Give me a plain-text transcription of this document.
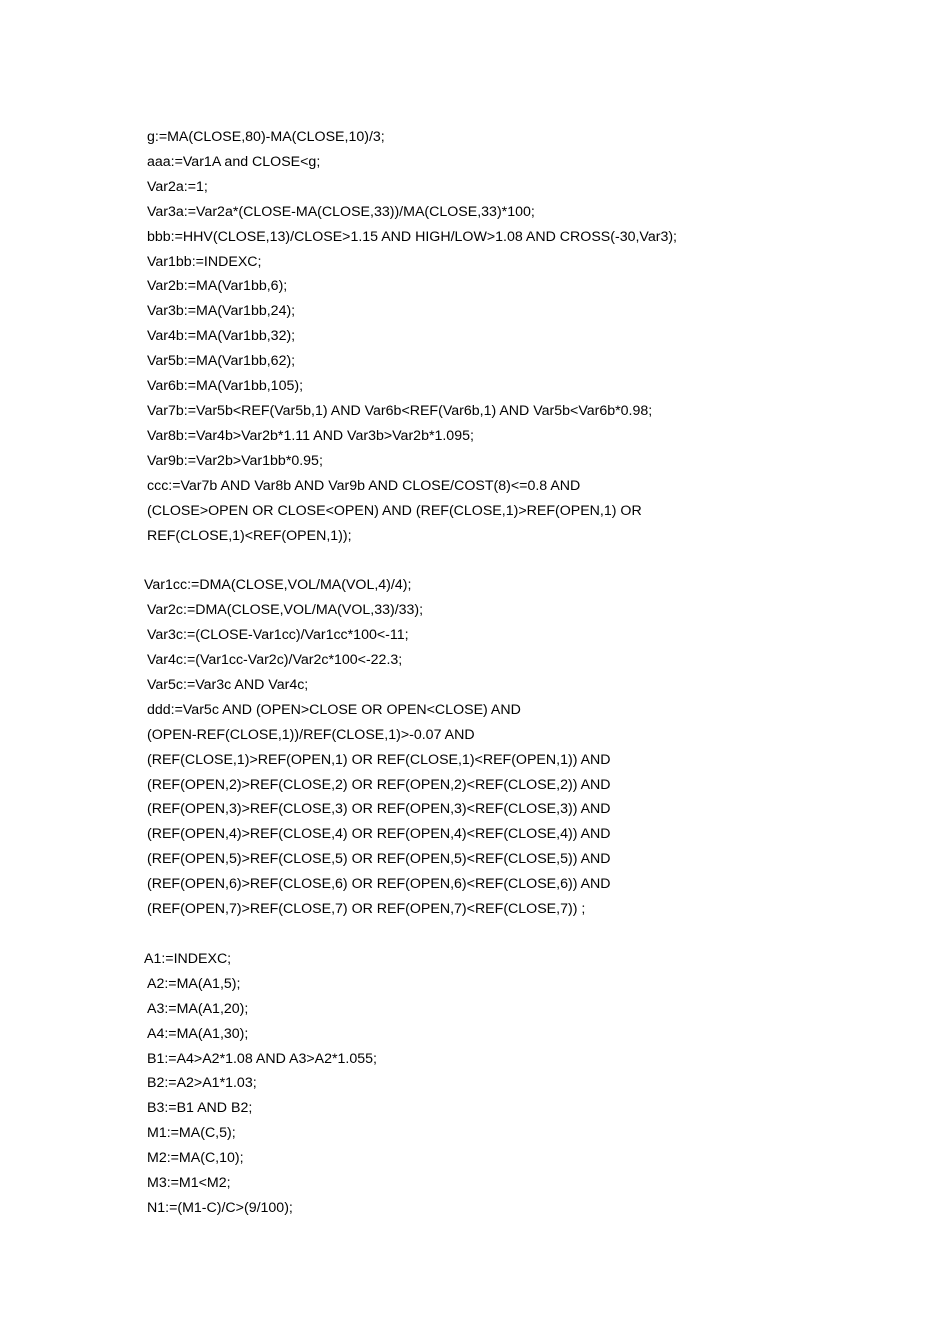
g:=MA(CLOSE,80)-MA(CLOSE,10)/3;
aaa:=Var1A and CLOSE<g;
Var2a:=1;
Var3a:=Var2a*(CLOSE-MA(CLOSE,33))/MA(CLOSE,33)*100;
bbb:=HHV(CLOSE,13)/CLOSE>1.15 AND HIGH/LOW>1.08 AND CROSS(-30,Var3);
Var1bb:=INDEXC;
Var2b:=MA(Var1bb,6);
Var3b:=MA(Var1bb,24);
Var4b:=MA(Var1bb,32);
Var5b:=MA(Var1bb,62);
Var6b:=MA(Var1bb,105);
Var7b:=Var5b<REF(Var5b,1) AND Var6b<REF(Var6b,1) AND Var5b<Var6b*0.98;
Var8b:=Var4b>Var2b*1.11 AND Var3b>Var2b*1.095;
Var9b:=Var2b>Var1bb*0.95;
ccc:=Var7b AND Var8b AND Var9b AND CLOSE/COST(8)<=0.8 AND
(CLOSE>OPEN OR CLOSE<OPEN) AND (REF(CLOSE,1)>REF(OPEN,1) OR
REF(CLOSE,1)<REF(OPEN,1));
Var1cc:=DMA(CLOSE,VOL/MA(VOL,4)/4);
Var2c:=DMA(CLOSE,VOL/MA(VOL,33)/33);
Var3c:=(CLOSE-Var1cc)/Var1cc*100<-11;
Var4c:=(Var1cc-Var2c)/Var2c*100<-22.3;
Var5c:=Var3c AND Var4c;
ddd:=Var5c AND (OPEN>CLOSE OR OPEN<CLOSE) AND
(OPEN-REF(CLOSE,1))/REF(CLOSE,1)>-0.07 AND
(REF(CLOSE,1)>REF(OPEN,1) OR REF(CLOSE,1)<REF(OPEN,1)) AND
(REF(OPEN,2)>REF(CLOSE,2) OR REF(OPEN,2)<REF(CLOSE,2)) AND
(REF(OPEN,3)>REF(CLOSE,3) OR REF(OPEN,3)<REF(CLOSE,3)) AND
(REF(OPEN,4)>REF(CLOSE,4) OR REF(OPEN,4)<REF(CLOSE,4)) AND
(REF(OPEN,5)>REF(CLOSE,5) OR REF(OPEN,5)<REF(CLOSE,5)) AND
(REF(OPEN,6)>REF(CLOSE,6) OR REF(OPEN,6)<REF(CLOSE,6)) AND
(REF(OPEN,7)>REF(CLOSE,7) OR REF(OPEN,7)<REF(CLOSE,7)) ;
A1:=INDEXC;
A2:=MA(A1,5);
A3:=MA(A1,20);
A4:=MA(A1,30);
B1:=A4>A2*1.08 AND A3>A2*1.055;
B2:=A2>A1*1.03;
B3:=B1 AND B2;
M1:=MA(C,5);
M2:=MA(C,10);
M3:=M1<M2;
N1:=(M1-C)/C>(9/100);
